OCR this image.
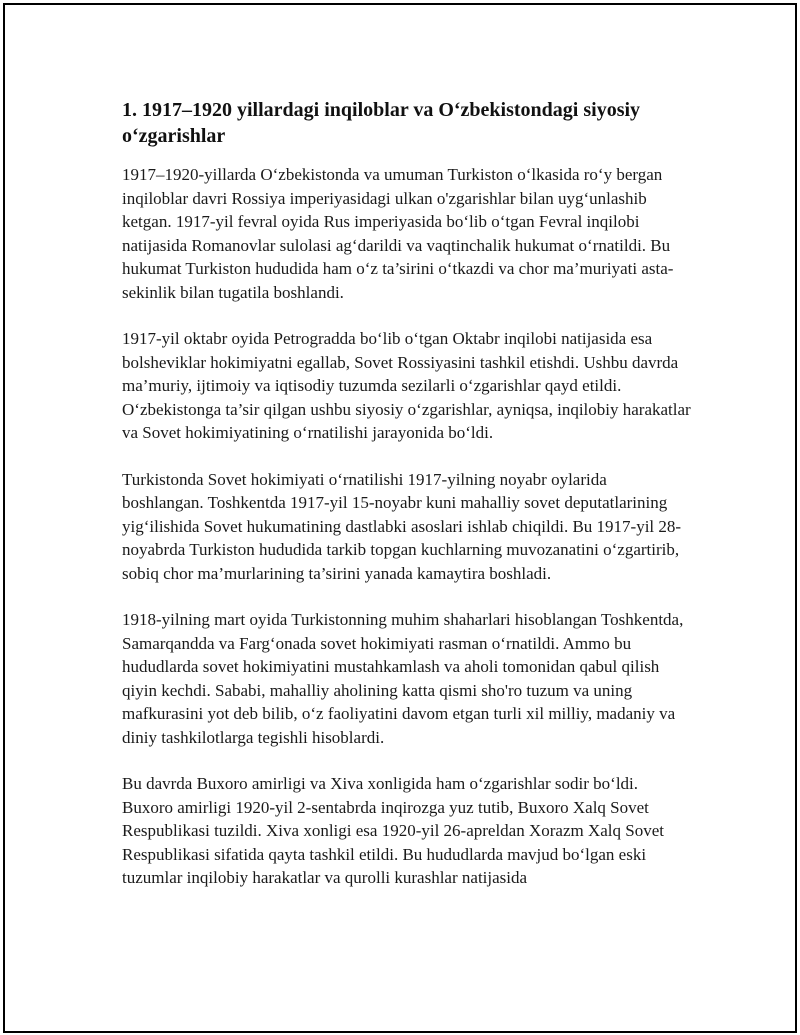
1. 1917–1920 yillardagi inqiloblar va O‘zbekistondagi siyosiy o‘zgarishlar

1917–1920-yillarda O‘zbekistonda va umuman Turkiston o‘lkasida ro‘y bergan inqiloblar davri Rossiya imperiyasidagi ulkan o'zgarishlar bilan uyg‘unlashib ketgan. 1917-yil fevral oyida Rus imperiyasida bo‘lib o‘tgan Fevral inqilobi natijasida Romanovlar sulolasi ag‘darildi va vaqtinchalik hukumat o‘rnatildi. Bu hukumat Turkiston hududida ham o‘z ta’sirini o‘tkazdi va chor ma’muriyati asta-sekinlik bilan tugatila boshlandi.

1917-yil oktabr oyida Petrogradda bo‘lib o‘tgan Oktabr inqilobi natijasida esa bolsheviklar hokimiyatni egallab, Sovet Rossiyasini tashkil etishdi. Ushbu davrda ma’muriy, ijtimoiy va iqtisodiy tuzumda sezilarli o‘zgarishlar qayd etildi. O‘zbekistonga ta’sir qilgan ushbu siyosiy o‘zgarishlar, ayniqsa, inqilobiy harakatlar va Sovet hokimiyatining o‘rnatilishi jarayonida bo‘ldi.

Turkistonda Sovet hokimiyati o‘rnatilishi 1917-yilning noyabr oylarida boshlangan. Toshkentda 1917-yil 15-noyabr kuni mahalliy sovet deputatlarining yig‘ilishida Sovet hukumatining dastlabki asoslari ishlab chiqildi. Bu 1917-yil 28-noyabrda Turkiston hududida tarkib topgan kuchlarning muvozanatini o‘zgartirib, sobiq chor ma’murlarining ta’sirini yanada kamaytira boshladi.

1918-yilning mart oyida Turkistonning muhim shaharlari hisoblangan Toshkentda, Samarqandda va Farg‘onada sovet hokimiyati rasman o‘rnatildi. Ammo bu hududlarda sovet hokimiyatini mustahkamlash va aholi tomonidan qabul qilish qiyin kechdi. Sababi, mahalliy aholining katta qismi sho'ro tuzum va uning mafkurasini yot deb bilib, o‘z faoliyatini davom etgan turli xil milliy, madaniy va diniy tashkilotlarga tegishli hisoblardi.

Bu davrda Buxoro amirligi va Xiva xonligida ham o‘zgarishlar sodir bo‘ldi. Buxoro amirligi 1920-yil 2-sentabrda inqirozga yuz tutib, Buxoro Xalq Sovet Respublikasi tuzildi. Xiva xonligi esa 1920-yil 26-apreldan Xorazm Xalq Sovet Respublikasi sifatida qayta tashkil etildi. Bu hududlarda mavjud bo‘lgan eski tuzumlar inqilobiy harakatlar va qurolli kurashlar natijasida
